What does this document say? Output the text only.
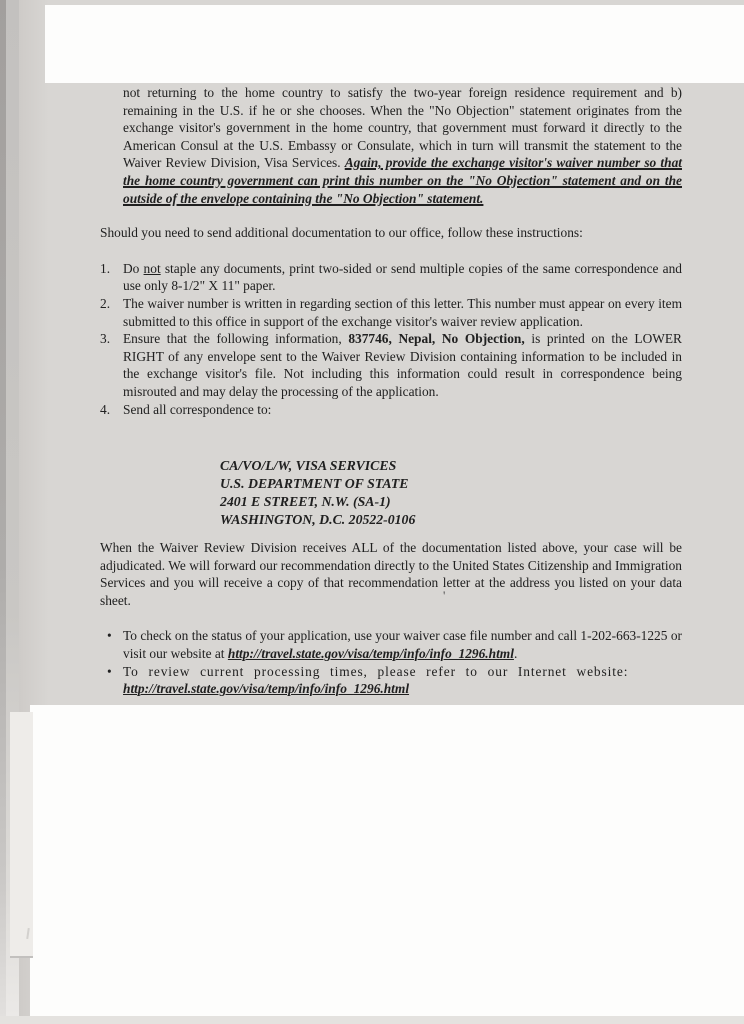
not returning to the home country to satisfy the two-year foreign residence requirement and b) remaining in the U.S. if he or she chooses. When the "No Objection" statement originates from the exchange visitor's government in the home country, that government must forward it directly to the American Consul at the U.S. Embassy or Consulate, which in turn will transmit the statement to the Waiver Review Division, Visa Services. Again, provide the exchange visitor's waiver number so that the home country government can print this number on the "No Objection" statement and on the outside of the envelope containing the "No Objection" statement.

Should you need to send additional documentation to our office, follow these instructions:

1. Do not staple any documents, print two-sided or send multiple copies of the same correspondence and use only 8-1/2" X 11" paper.
2. The waiver number is written in regarding section of this letter. This number must appear on every item submitted to this office in support of the exchange visitor's waiver review application.
3. Ensure that the following information, 837746, Nepal, No Objection, is printed on the LOWER RIGHT of any envelope sent to the Waiver Review Division containing information to be included in the exchange visitor's file. Not including this information could result in correspondence being misrouted and may delay the processing of the application.
4. Send all correspondence to:
CA/VO/L/W, VISA SERVICES
U.S. DEPARTMENT OF STATE
2401 E STREET, N.W. (SA-1)
WASHINGTON, D.C. 20522-0106

When the Waiver Review Division receives ALL of the documentation listed above, your case will be adjudicated. We will forward our recommendation directly to the United States Citizenship and Immigration Services and you will receive a copy of that recommendation letter at the address you listed on your data sheet.

• To check on the status of your application, use your waiver case file number and call 1-202-663-1225 or visit our website at http://travel.state.gov/visa/temp/info/info_1296.html.
• To review current processing times, please refer to our Internet website:
http://travel.state.gov/visa/temp/info/info_1296.html
'
